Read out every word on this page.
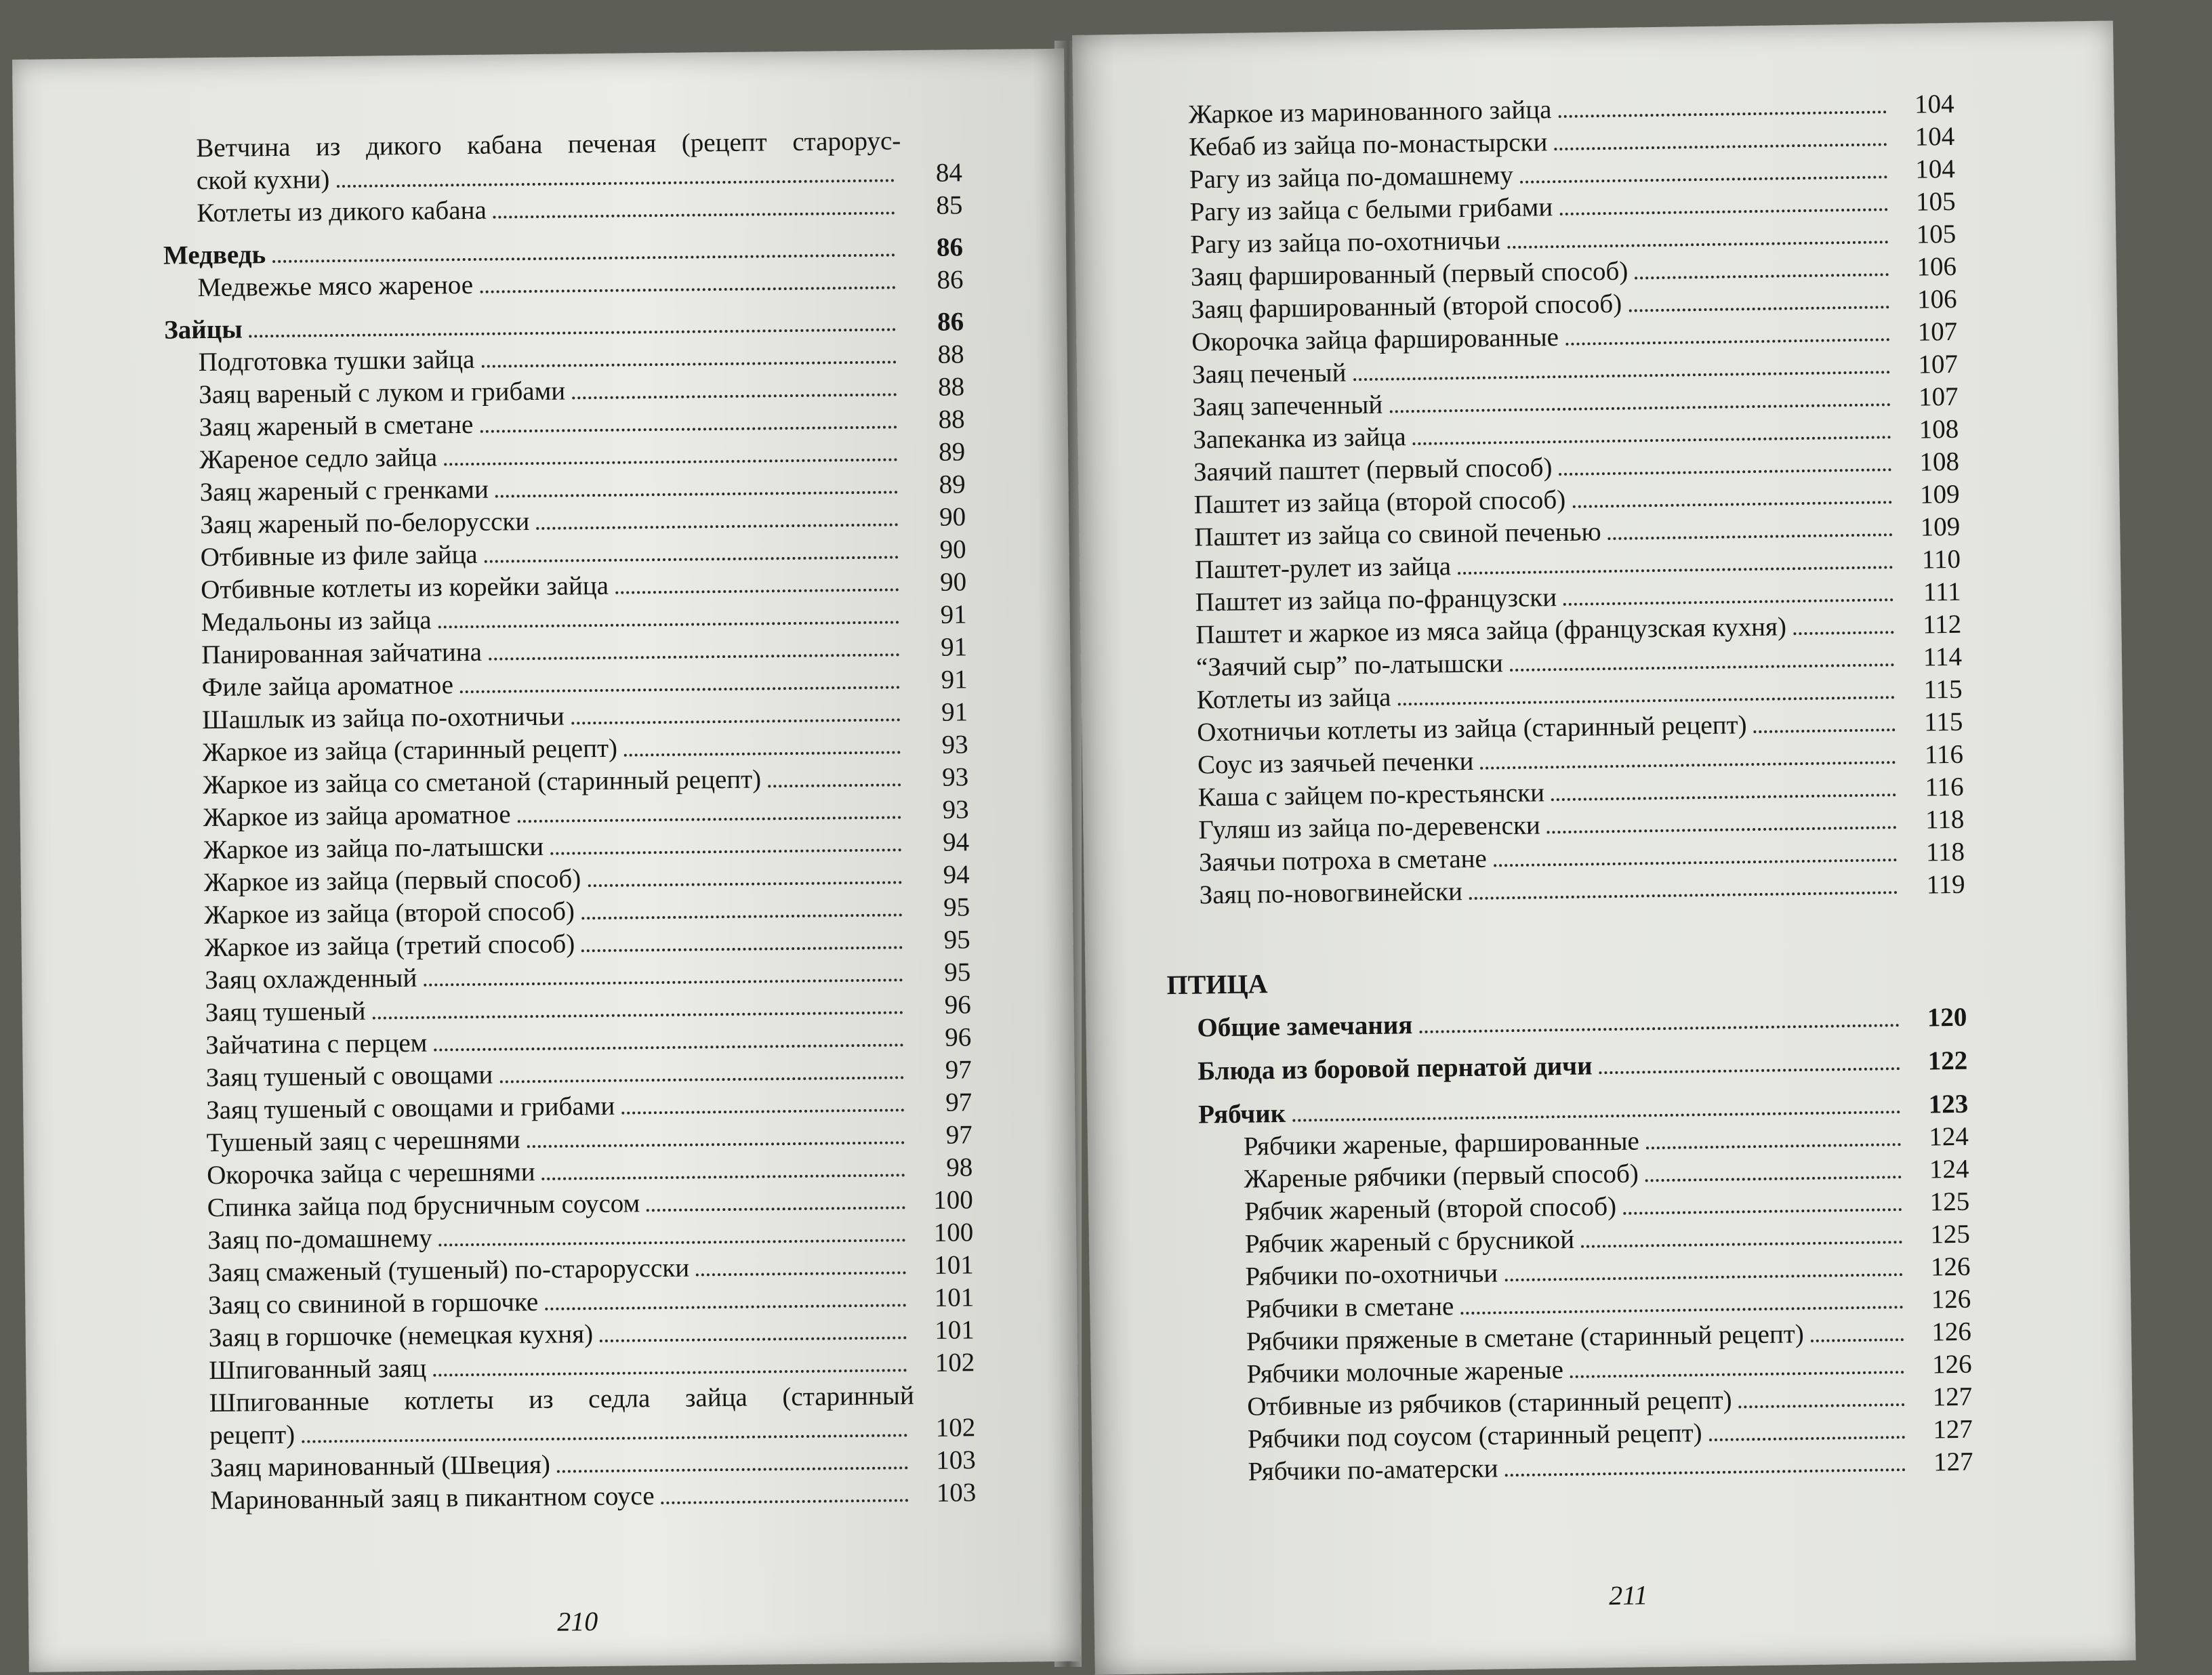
Ветчина из дикого кабана печеная (рецепт старорус-
ской кухни)	84
Котлеты из дикого кабана	85
Медведь	86
Медвежье мясо жареное	86
Зайцы	86
Подготовка тушки зайца	88
Заяц вареный с луком и грибами	88
Заяц жареный в сметане	88
Жареное седло зайца	89
Заяц жареный с гренками	89
Заяц жареный по-белорусски	90
Отбивные из филе зайца	90
Отбивные котлеты из корейки зайца	90
Медальоны из зайца	91
Панированная зайчатина	91
Филе зайца ароматное	91
Шашлык из зайца по-охотничьи	91
Жаркое из зайца (старинный рецепт)	93
Жаркое из зайца со сметаной (старинный рецепт)	93
Жаркое из зайца ароматное	93
Жаркое из зайца по-латышски	94
Жаркое из зайца (первый способ)	94
Жаркое из зайца (второй способ)	95
Жаркое из зайца (третий способ)	95
Заяц охлажденный	95
Заяц тушеный	96
Зайчатина с перцем	96
Заяц тушеный с овощами	97
Заяц тушеный с овощами и грибами	97
Тушеный заяц с черешнями	97
Окорочка зайца с черешнями	98
Спинка зайца под брусничным соусом	100
Заяц по-домашнему	100
Заяц смаженый (тушеный) по-старорусски	101
Заяц со свининой в горшочке	101
Заяц в горшочке (немецкая кухня)	101
Шпигованный заяц	102
Шпигованные котлеты из седла зайца (старинный
рецепт)	102
Заяц маринованный (Швеция)	103
Маринованный заяц в пикантном соусе	103
210
Жаркое из маринованного зайца	104
Кебаб из зайца по-монастырски	104
Рагу из зайца по-домашнему	104
Рагу из зайца с белыми грибами	105
Рагу из зайца по-охотничьи	105
Заяц фаршированный (первый способ)	106
Заяц фаршированный (второй способ)	106
Окорочка зайца фаршированные	107
Заяц печеный	107
Заяц запеченный	107
Запеканка из зайца	108
Заячий паштет (первый способ)	108
Паштет из зайца (второй способ)	109
Паштет из зайца со свиной печенью	109
Паштет-рулет из зайца	110
Паштет из зайца по-французски	111
Паштет и жаркое из мяса зайца (французская кухня)	112
“Заячий сыр” по-латышски	114
Котлеты из зайца	115
Охотничьи котлеты из зайца (старинный рецепт)	115
Соус из заячьей печенки	116
Каша с зайцем по-крестьянски	116
Гуляш из зайца по-деревенски	118
Заячьи потроха в сметане	118
Заяц по-новогвинейски	119
ПТИЦА
Общие замечания	120
Блюда из боровой пернатой дичи	122
Рябчик	123
Рябчики жареные, фаршированные	124
Жареные рябчики (первый способ)	124
Рябчик жареный (второй способ)	125
Рябчик жареный с брусникой	125
Рябчики по-охотничьи	126
Рябчики в сметане	126
Рябчики пряженые в сметане (старинный рецепт)	126
Рябчики молочные жареные	126
Отбивные из рябчиков (старинный рецепт)	127
Рябчики под соусом (старинный рецепт)	127
Рябчики по-аматерски	127
211
